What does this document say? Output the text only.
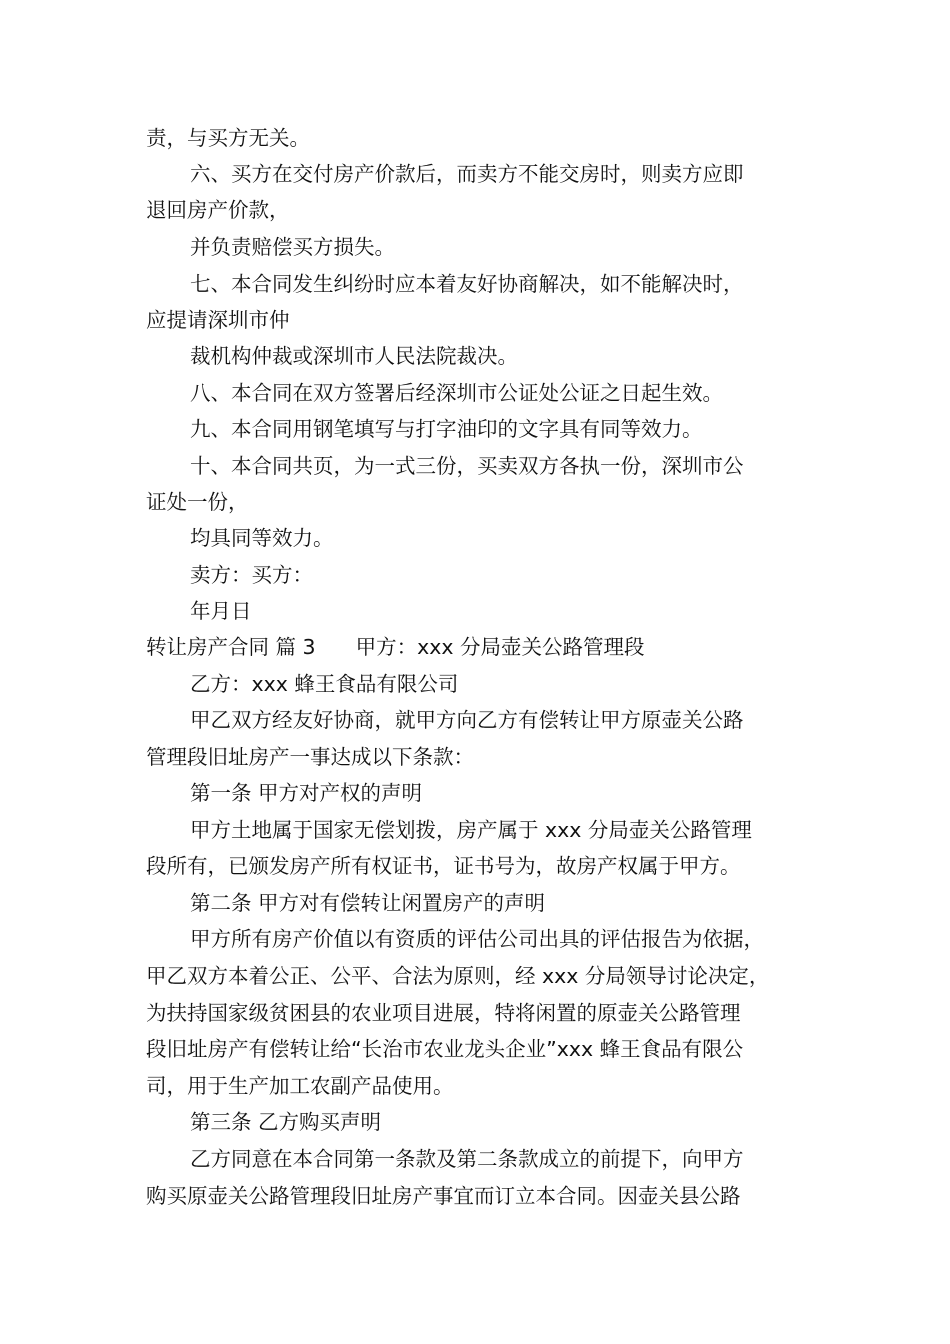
责，与买方无关。
六、买方在交付房产价款后，而卖方不能交房时，则卖方应即
退回房产价款，
并负责赔偿买方损失。
七、本合同发生纠纷时应本着友好协商解决，如不能解决时，
应提请深圳市仲
裁机构仲裁或深圳市人民法院裁决。
八、本合同在双方签署后经深圳市公证处公证之日起生效。
九、本合同用钢笔填写与打字油印的文字具有同等效力。
十、本合同共页，为一式三份，买卖双方各执一份，深圳市公
证处一份，
均具同等效力。
卖方：买方：
年月日
转让房产合同 篇 3 甲方：xxx 分局壶关公路管理段
乙方：xxx 蜂王食品有限公司
甲乙双方经友好协商，就甲方向乙方有偿转让甲方原壶关公路
管理段旧址房产一事达成以下条款：
第一条 甲方对产权的声明
甲方土地属于国家无偿划拨，房产属于 xxx 分局壶关公路管理
段所有，已颁发房产所有权证书，证书号为，故房产权属于甲方。
第二条 甲方对有偿转让闲置房产的声明
甲方所有房产价值以有资质的评估公司出具的评估报告为依据，
甲乙双方本着公正、公平、合法为原则，经 xxx 分局领导讨论决定，
为扶持国家级贫困县的农业项目进展，特将闲置的原壶关公路管理
段旧址房产有偿转让给“长治市农业龙头企业”xxx 蜂王食品有限公
司，用于生产加工农副产品使用。
第三条 乙方购买声明
乙方同意在本合同第一条款及第二条款成立的前提下，向甲方
购买原壶关公路管理段旧址房产事宜而订立本合同。因壶关县公路
